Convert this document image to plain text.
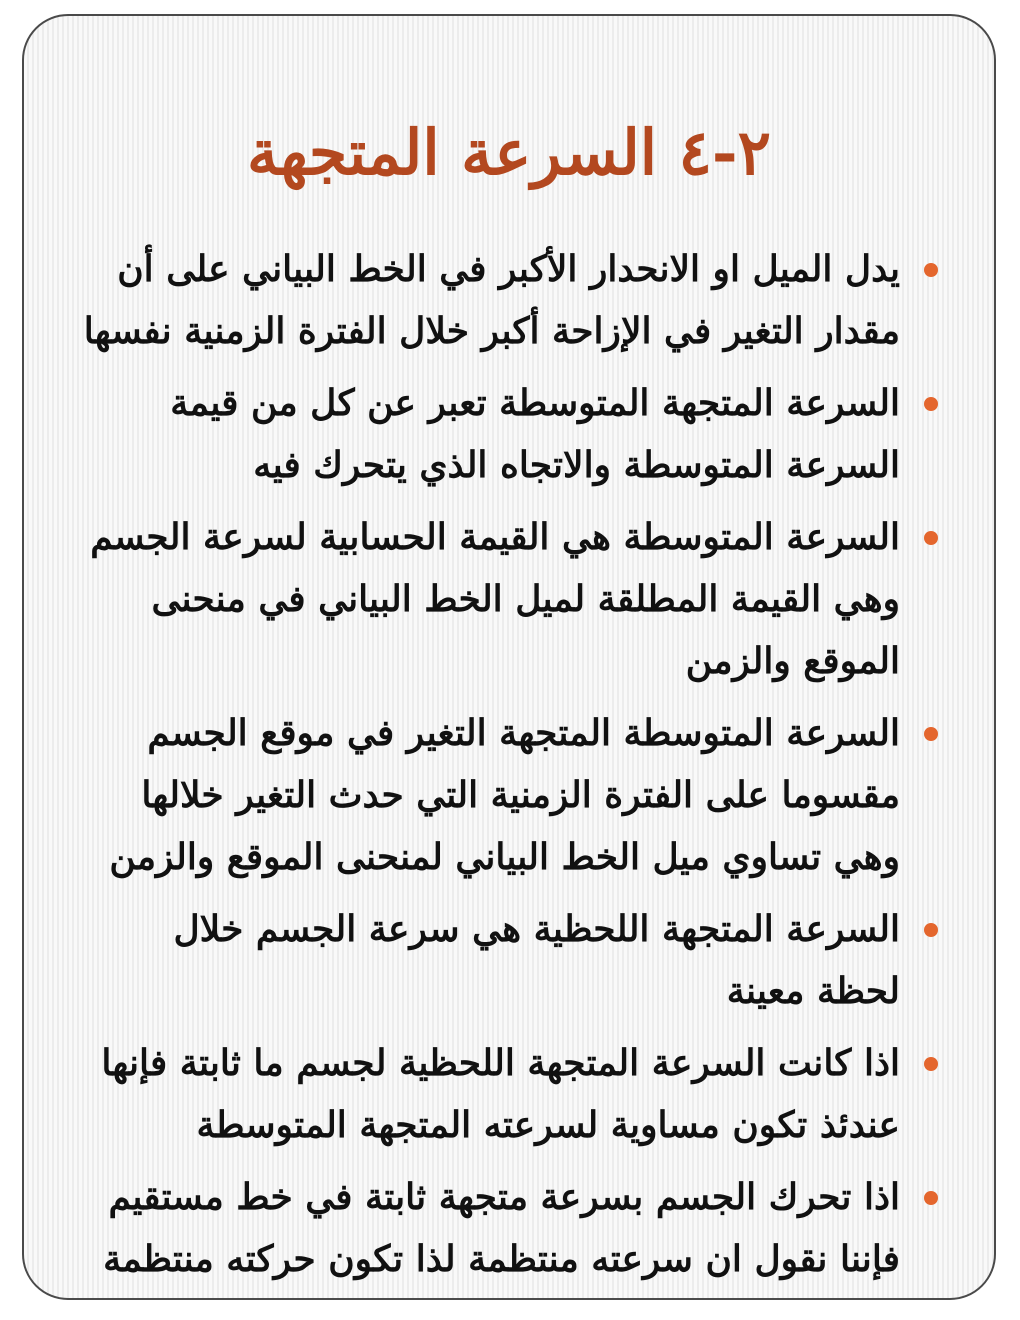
٢-٤ السرعة المتجهة
يدل الميل او الانحدار الأكبر في الخط البياني على أن مقدار التغير في الإزاحة أكبر خلال الفترة الزمنية نفسها
السرعة المتجهة المتوسطة تعبر عن كل من قيمة السرعة المتوسطة والاتجاه الذي يتحرك فيه
السرعة المتوسطة هي القيمة الحسابية لسرعة الجسم وهي القيمة المطلقة لميل الخط البياني في منحنى الموقع والزمن
السرعة المتوسطة المتجهة التغير في موقع الجسم مقسوما على الفترة الزمنية التي حدث التغير خلالها وهي تساوي ميل الخط البياني لمنحنى الموقع والزمن
السرعة المتجهة اللحظية هي سرعة الجسم خلال لحظة معينة
اذا كانت السرعة المتجهة اللحظية لجسم ما ثابتة فإنها عندئذ تكون مساوية لسرعته المتجهة المتوسطة
اذا تحرك الجسم بسرعة متجهة ثابتة في خط مستقيم فإننا نقول ان سرعته منتظمة لذا تكون حركته منتظمة
